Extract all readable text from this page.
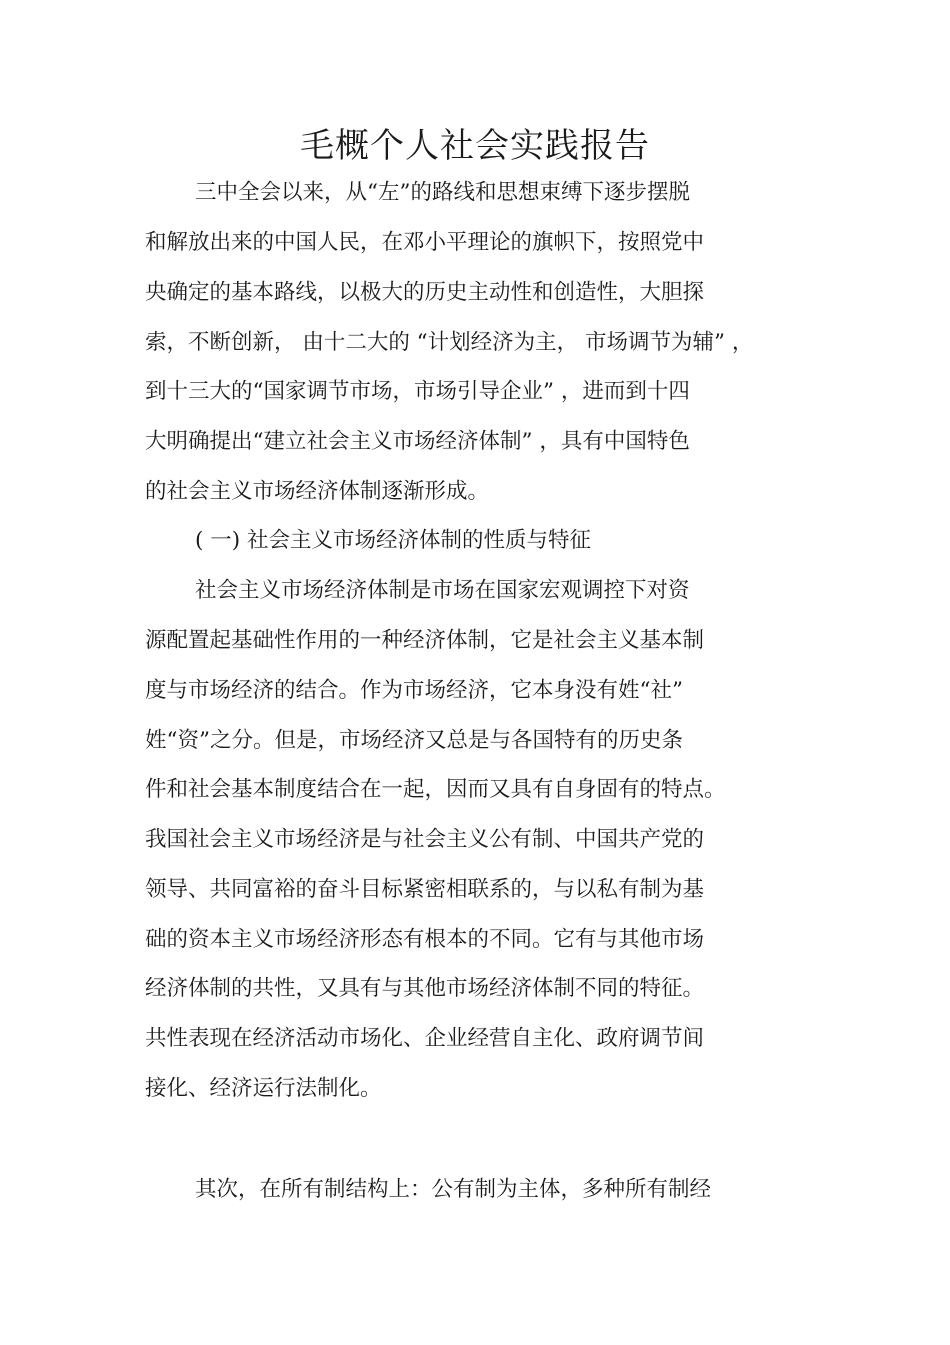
毛概个人社会实践报告

三中全会以来，从“左”的路线和思想束缚下逐步摆脱

和解放出来的中国人民，在邓小平理论的旗帜下，按照党中

央确定的基本路线，以极大的历史主动性和创造性，大胆探

索，不断创新， 由十二大的 “计划经济为主， 市场调节为辅” ，

到十三大的“国家调节市场，市场引导企业” ，进而到十四

大明确提出“建立社会主义市场经济体制” ，具有中国特色

的社会主义市场经济体制逐渐形成。

( 一) 社会主义市场经济体制的性质与特征

社会主义市场经济体制是市场在国家宏观调控下对资

源配置起基础性作用的一种经济体制，它是社会主义基本制

度与市场经济的结合。作为市场经济，它本身没有姓“社”

姓“资”之分。但是，市场经济又总是与各国特有的历史条

件和社会基本制度结合在一起，因而又具有自身固有的特点。

我国社会主义市场经济是与社会主义公有制、中国共产党的

领导、共同富裕的奋斗目标紧密相联系的，与以私有制为基

础的资本主义市场经济形态有根本的不同。它有与其他市场

经济体制的共性，又具有与其他市场经济体制不同的特征。

共性表现在经济活动市场化、企业经营自主化、政府调节间

接化、经济运行法制化。

其次，在所有制结构上：公有制为主体，多种所有制经
